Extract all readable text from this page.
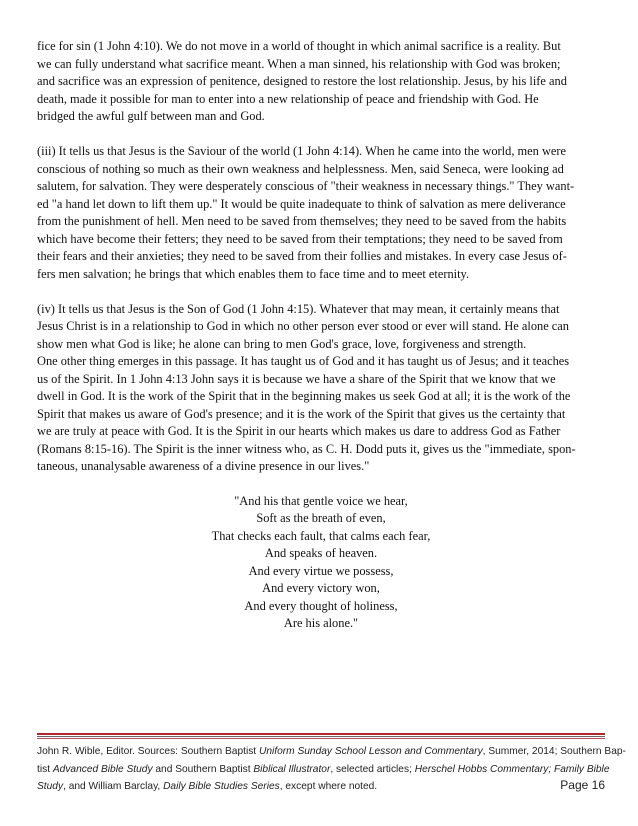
fice for sin (1 John 4:10). We do not move in a world of thought in which animal sacrifice is a reality. But
we can fully understand what sacrifice meant. When a man sinned, his relationship with God was broken;
and sacrifice was an expression of penitence, designed to restore the lost relationship. Jesus, by his life and
death, made it possible for man to enter into a new relationship of peace and friendship with God. He
bridged the awful gulf between man and God.
(iii) It tells us that Jesus is the Saviour of the world (1 John 4:14). When he came into the world, men were
conscious of nothing so much as their own weakness and helplessness. Men, said Seneca, were looking ad
salutem, for salvation. They were desperately conscious of "their weakness in necessary things." They want-
ed "a hand let down to lift them up." It would be quite inadequate to think of salvation as mere deliverance
from the punishment of hell. Men need to be saved from themselves; they need to be saved from the habits
which have become their fetters; they need to be saved from their temptations; they need to be saved from
their fears and their anxieties; they need to be saved from their follies and mistakes. In every case Jesus of-
fers men salvation; he brings that which enables them to face time and to meet eternity.
(iv) It tells us that Jesus is the Son of God (1 John 4:15). Whatever that may mean, it certainly means that
Jesus Christ is in a relationship to God in which no other person ever stood or ever will stand. He alone can
show men what God is like; he alone can bring to men God's grace, love, forgiveness and strength.
One other thing emerges in this passage. It has taught us of God and it has taught us of Jesus; and it teaches
us of the Spirit. In 1 John 4:13 John says it is because we have a share of the Spirit that we know that we
dwell in God. It is the work of the Spirit that in the beginning makes us seek God at all; it is the work of the
Spirit that makes us aware of God's presence; and it is the work of the Spirit that gives us the certainty that
we are truly at peace with God. It is the Spirit in our hearts which makes us dare to address God as Father
(Romans 8:15-16). The Spirit is the inner witness who, as C. H. Dodd puts it, gives us the "immediate, spon-
taneous, unanalysable awareness of a divine presence in our lives."
"And his that gentle voice we hear,
Soft as the breath of even,
That checks each fault, that calms each fear,
And speaks of heaven.
And every virtue we possess,
And every victory won,
And every thought of holiness,
Are his alone."
John R. Wible, Editor. Sources: Southern Baptist Uniform Sunday School Lesson and Commentary, Summer, 2014; Southern Bap-
tist Advanced Bible Study and Southern Baptist Biblical Illustrator, selected articles; Herschel Hobbs Commentary; Family Bible
Study, and William Barclay, Daily Bible Studies Series, except where noted.	Page 16
